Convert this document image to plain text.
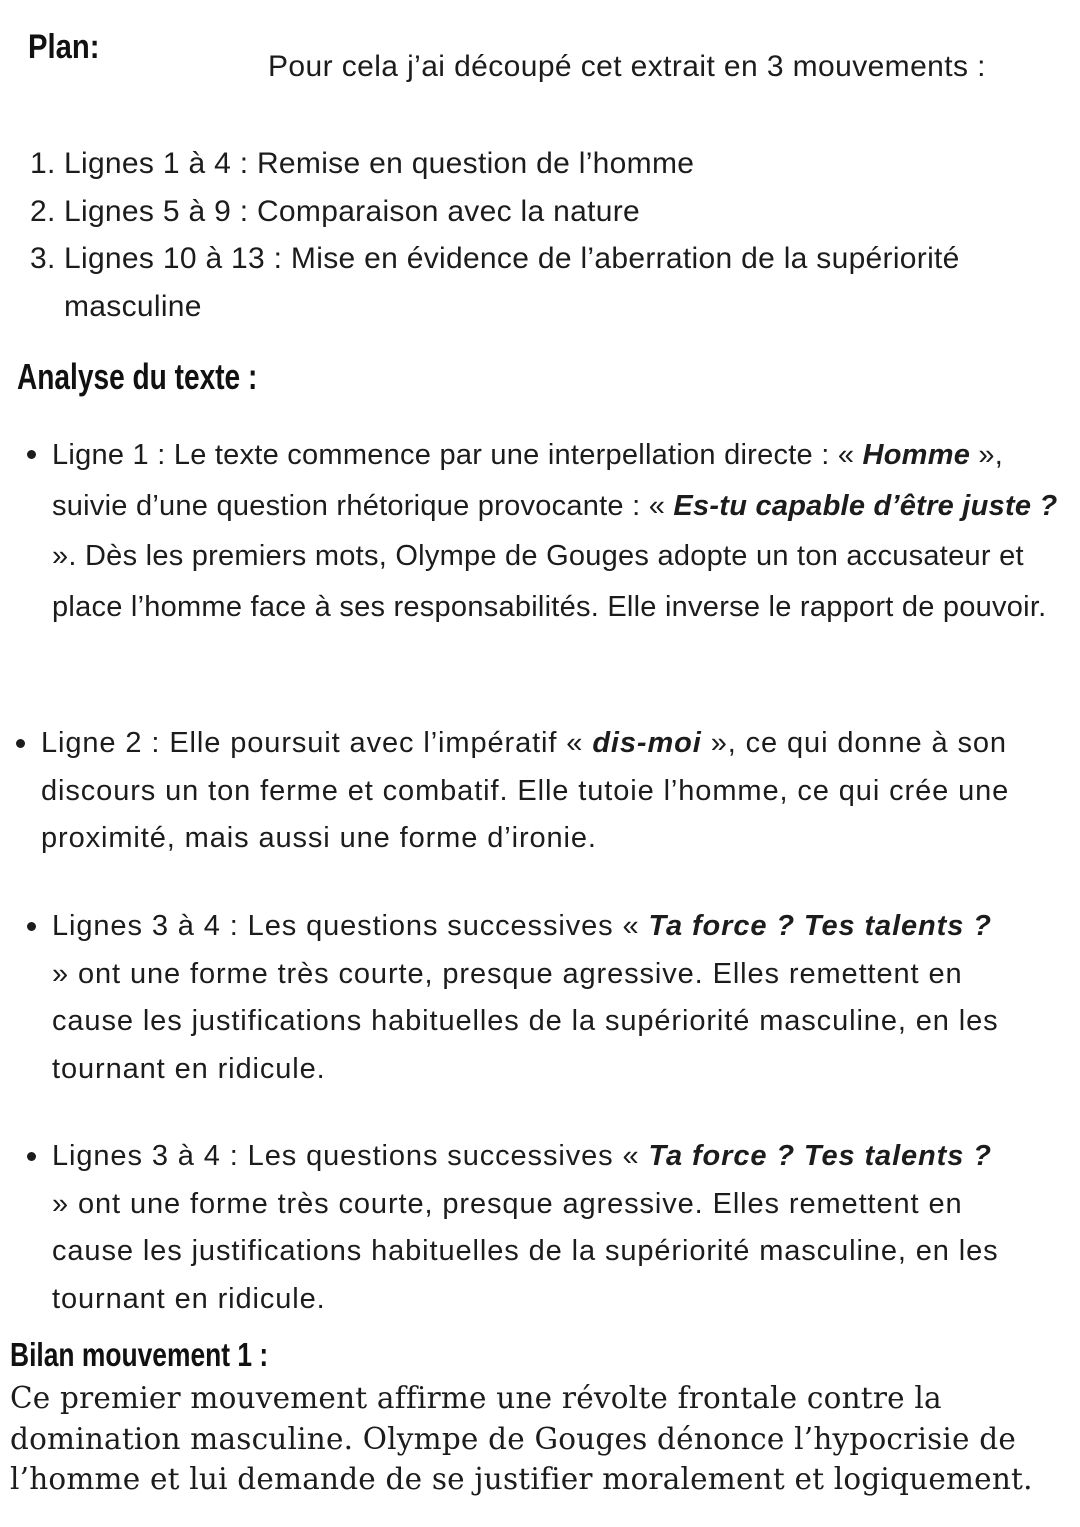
Plan:
Pour cela j’ai découpé cet extrait en 3 mouvements :
1. Lignes 1 à 4 : Remise en question de l’homme
2. Lignes 5 à 9 : Comparaison avec la nature
3. Lignes 10 à 13 : Mise en évidence de l’aberration de la supériorité masculine
Analyse du texte :
Ligne 1 : Le texte commence par une interpellation directe : « Homme », suivie d’une question rhétorique provocante : « Es-tu capable d’être juste ? ». Dès les premiers mots, Olympe de Gouges adopte un ton accusateur et place l’homme face à ses responsabilités. Elle inverse le rapport de pouvoir.
Ligne 2 : Elle poursuit avec l’impératif « dis-moi », ce qui donne à son discours un ton ferme et combatif. Elle tutoie l’homme, ce qui crée une proximité, mais aussi une forme d’ironie.
Lignes 3 à 4 : Les questions successives « Ta force ? Tes talents ? » ont une forme très courte, presque agressive. Elles remettent en cause les justifications habituelles de la supériorité masculine, en les tournant en ridicule.
Lignes 3 à 4 : Les questions successives « Ta force ? Tes talents ? » ont une forme très courte, presque agressive. Elles remettent en cause les justifications habituelles de la supériorité masculine, en les tournant en ridicule.
Bilan mouvement 1 :
Ce premier mouvement affirme une révolte frontale contre la domination masculine. Olympe de Gouges dénonce l’hypocrisie de l’homme et lui demande de se justifier moralement et logiquement.
